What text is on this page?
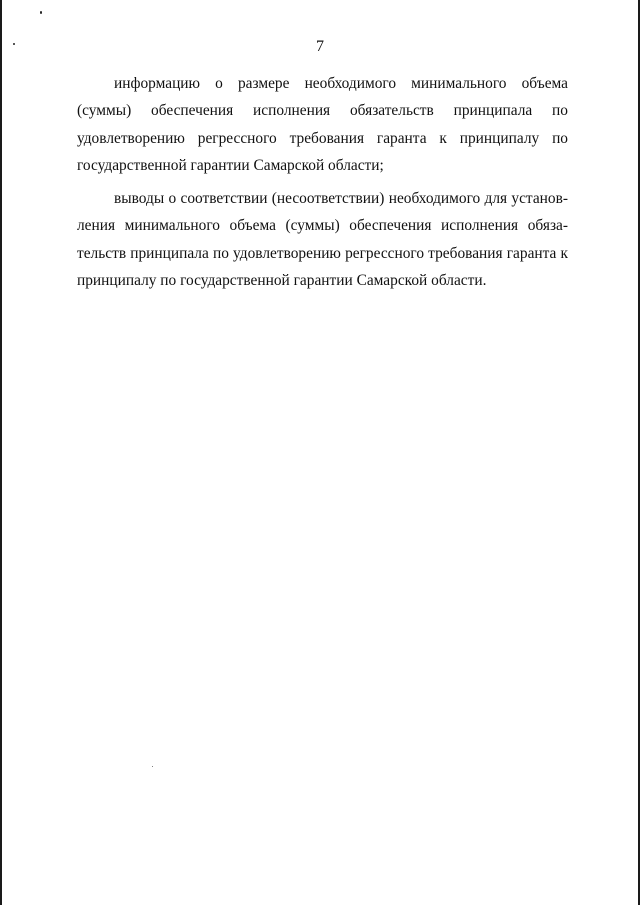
7

информацию о размере необходимого минимального объема (суммы) обеспечения исполнения обязательств принципала по удовлетворению регрессного требования гаранта к принципалу по государственной гарантии Самарской области;

выводы о соответствии (несоответствии) необходимого для установления минимального объема (суммы) обеспечения исполнения обязательств принципала по удовлетворению регрессного требования гаранта к принципалу по государственной гарантии Самарской области.
